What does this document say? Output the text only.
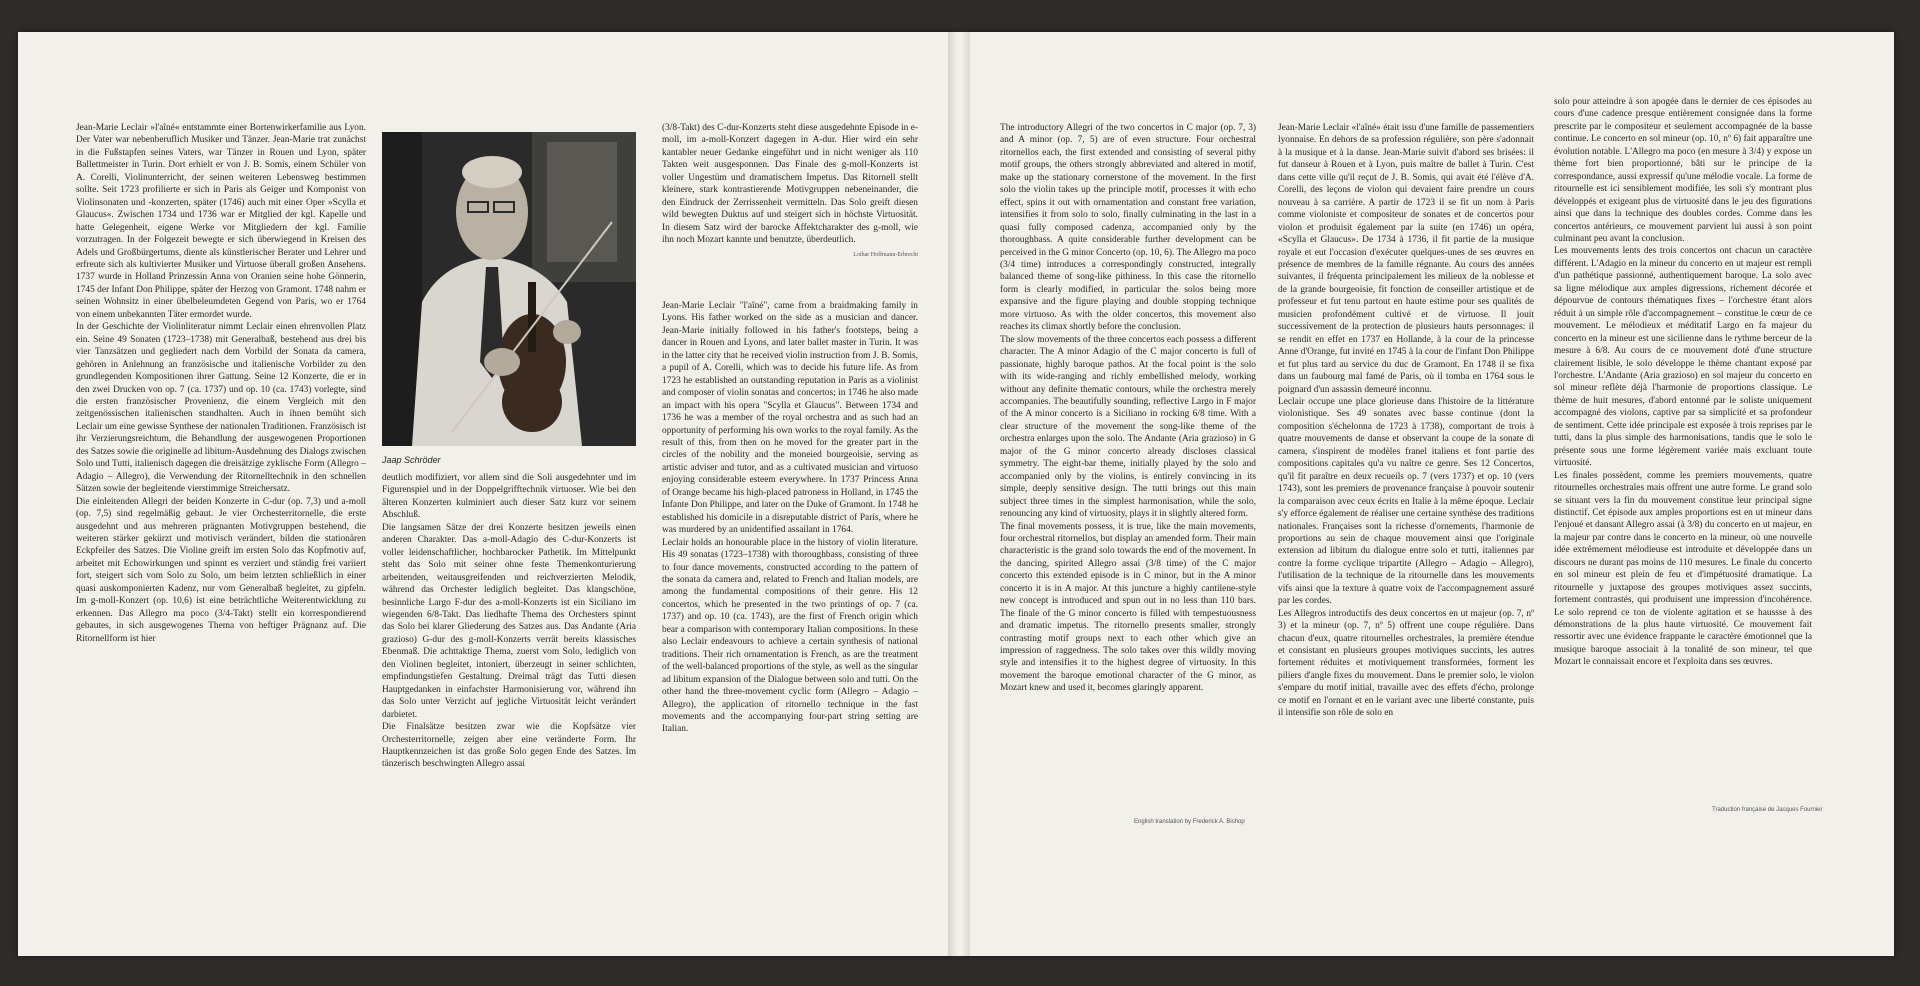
Jean-Marie Leclair »l'aîné« entstammte einer Bortenwirkerfamilie aus Lyon. Der Vater war nebenberuflich Musiker und Tänzer. Jean-Marie trat zunächst in die Fußstapfen seines Vaters, war Tänzer in Rouen und Lyon, später Ballettmeister in Turin. Dort erhielt er von J. B. Somis, einem Schüler von A. Corelli, Violinunterricht, der seinen weiteren Lebensweg bestimmen sollte. Seit 1723 profilierte er sich in Paris als Geiger und Komponist von Violinsonaten und -konzerten, später (1746) auch mit einer Oper »Scylla et Glaucus«. Zwischen 1734 und 1736 war er Mitglied der kgl. Kapelle und hatte Gelegenheit, eigene Werke vor Mitgliedern der kgl. Familie vorzutragen. In der Folgezeit bewegte er sich überwiegend in Kreisen des Adels und Großbürgertums, diente als künstlerischer Berater und Lehrer und erfreute sich als kultivierter Musiker und Virtuose überall großen Ansehens. 1737 wurde in Holland Prinzessin Anna von Oranien seine hohe Gönnerin, 1745 der Infant Don Philippe, später der Herzog von Gramont. 1748 nahm er seinen Wohnsitz in einer übelbeleumdeten Gegend von Paris, wo er 1764 von einem unbekannten Täter ermordet wurde.

In der Geschichte der Violinliteratur nimmt Leclair einen ehrenvollen Platz ein. Seine 49 Sonaten (1723–1738) mit Generalbaß, bestehend aus drei bis vier Tanzsätzen und gegliedert nach dem Vorbild der Sonata da camera, gehören in Anlehnung an französische und italienische Vorbilder zu den grundlegenden Kompositionen ihrer Gattung. Seine 12 Konzerte, die er in den zwei Drucken von op. 7 (ca. 1737) und op. 10 (ca. 1743) vorlegte, sind die ersten französischer Provenienz, die einem Vergleich mit den zeitgenössischen italienischen standhalten. Auch in ihnen bemüht sich Leclair um eine gewisse Synthese der nationalen Traditionen. Französisch ist ihr Verzierungsreichtum, die Behandlung der ausgewogenen Proportionen des Satzes sowie die originelle ad libitum-Ausdehnung des Dialogs zwischen Solo und Tutti, italienisch dagegen die dreisätzige zyklische Form (Allegro – Adagio – Allegro), die Verwendung der Ritornelltechnik in den schnellen Sätzen sowie der begleitende vierstimmige Streichersatz.

Die einleitenden Allegri der beiden Konzerte in C-dur (op. 7,3) und a-moll (op. 7,5) sind regelmäßig gebaut. Je vier Orchesterritornelle, die erste ausgedehnt und aus mehreren prägnanten Motivgruppen bestehend, die weiteren stärker gekürzt und motivisch verändert, bilden die stationären Eckpfeiler des Satzes. Die Violine greift im ersten Solo das Kopfmotiv auf, arbeitet mit Echowirkungen und spinnt es verziert und ständig frei variiert fort, steigert sich vom Solo zu Solo, um beim letzten schließlich in einer quasi auskomponierten Kadenz, nur vom Generalbaß begleitet, zu gipfeln. Im g-moll-Konzert (op. 10,6) ist eine beträchtliche Weiterentwicklung zu erkennen. Das Allegro ma poco (3/4-Takt) stellt ein korrespondierend gebautes, in sich ausgewogenes Thema von heftiger Prägnanz auf. Die Ritornellform ist hier

Jaap Schröder

deutlich modifiziert, vor allem sind die Soli ausgedehnter und im Figurenspiel und in der Doppelgrifftechnik virtuoser. Wie bei den älteren Konzerten kulminiert auch dieser Satz kurz vor seinem Abschluß.

Die langsamen Sätze der drei Konzerte besitzen jeweils einen anderen Charakter. Das a-moll-Adagio des C-dur-Konzerts ist voller leidenschaftlicher, hochbarocker Pathetik. Im Mittelpunkt steht das Solo mit seiner ohne feste Themenkonturierung arbeitenden, weitausgreifenden und reichverzierten Melodik, während das Orchester lediglich begleitet. Das klangschöne, besinnliche Largo F-dur des a-moll-Konzerts ist ein Siciliano im wiegenden 6/8-Takt. Das liedhafte Thema des Orchesters spinnt das Solo bei klarer Gliederung des Satzes aus. Das Andante (Aria grazioso) G-dur des g-moll-Konzerts verrät bereits klassisches Ebenmaß. Die achttaktige Thema, zuerst vom Solo, lediglich von den Violinen begleitet, intoniert, überzeugt in seiner schlichten, empfindungstiefen Gestaltung. Dreimal trägt das Tutti diesen Hauptgedanken in einfachster Harmonisierung vor, während ihn das Solo unter Verzicht auf jegliche Virtuosität leicht verändert darbietet.

Die Finalsätze besitzen zwar wie die Kopfsätze vier Orchesterritornelle, zeigen aber eine veränderte Form. Ihr Hauptkennzeichen ist das große Solo gegen Ende des Satzes. Im tänzerisch beschwingten Allegro assai

(3/8-Takt) des C-dur-Konzerts steht diese ausgedehnte Episode in e-moll, im a-moll-Konzert dagegen in A-dur. Hier wird ein sehr kantabler neuer Gedanke eingeführt und in nicht weniger als 110 Takten weit ausgesponnen. Das Finale des g-moll-Konzerts ist voller Ungestüm und dramatischem Impetus. Das Ritornell stellt kleinere, stark kontrastierende Motivgruppen nebeneinander, die den Eindruck der Zerrissenheit vermitteln. Das Solo greift diesen wild bewegten Duktus auf und steigert sich in höchste Virtuosität. In diesem Satz wird der barocke Affektcharakter des g-moll, wie ihn noch Mozart kannte und benutzte, überdeutlich.

Lothar Hoffmann-Erbrecht

Jean-Marie Leclair "l'aîné", came from a braidmaking family in Lyons. His father worked on the side as a musician and dancer. Jean-Marie initially followed in his father's footsteps, being a dancer in Rouen and Lyons, and later ballet master in Turin. It was in the latter city that he received violin instruction from J. B. Somis, a pupil of A. Corelli, which was to decide his future life. As from 1723 he established an outstanding reputation in Paris as a violinist and composer of violin sonatas and concertos; in 1746 he also made an impact with his opera "Scylla et Glaucus". Between 1734 and 1736 he was a member of the royal orchestra and as such had an opportunity of performing his own works to the royal family. As the result of this, from then on he moved for the greater part in the circles of the nobility and the moneied bourgeoisie, serving as artistic adviser and tutor, and as a cultivated musician and virtuoso enjoying considerable esteem everywhere. In 1737 Princess Anna of Orange became his high-placed patroness in Holland, in 1745 the Infante Don Philippe, and later on the Duke of Gramont. In 1748 he established his domicile in a disreputable district of Paris, where he was murdered by an unidentified assailant in 1764.

Leclair holds an honourable place in the history of violin literature. His 49 sonatas (1723–1738) with thoroughbass, consisting of three to four dance movements, constructed according to the pattern of the sonata da camera and, related to French and Italian models, are among the fundamental compositions of their genre. His 12 concertos, which he presented in the two printings of op. 7 (ca. 1737) and op. 10 (ca. 1743), are the first of French origin which bear a comparison with contemporary Italian compositions. In these also Leclair endeavours to achieve a certain synthesis of national traditions. Their rich ornamentation is French, as are the treatment of the well-balanced proportions of the style, as well as the singular ad libitum expansion of the Dialogue between solo and tutti. On the other hand the three-movement cyclic form (Allegro – Adagio – Allegro), the application of ritornello technique in the fast movements and the accompanying four-part string setting are Italian.

The introductory Allegri of the two concertos in C major (op. 7, 3) and A minor (op. 7, 5) are of even structure. Four orchestral ritornellos each, the first extended and consisting of several pithy motif groups, the others strongly abbreviated and altered in motif, make up the stationary cornerstone of the movement. In the first solo the violin takes up the principle motif, processes it with echo effect, spins it out with ornamentation and constant free variation, intensifies it from solo to solo, finally culminating in the last in a quasi fully composed cadenza, accompanied only by the thoroughbass. A quite considerable further development can be perceived in the G minor Concerto (op. 10, 6). The Allegro ma poco (3/4 time) introduces a correspondingly constructed, integrally balanced theme of song-like pithiness. In this case the ritornello form is clearly modified, in particular the solos being more expansive and the figure playing and double stopping technique more virtuoso. As with the older concertos, this movement also reaches its climax shortly before the conclusion.

The slow movements of the three concertos each possess a different character. The A minor Adagio of the C major concerto is full of passionate, highly baroque pathos. At the focal point is the solo with its wide-ranging and richly embellished melody, working without any definite thematic contours, while the orchestra merely accompanies. The beautifully sounding, reflective Largo in F major of the A minor concerto is a Siciliano in rocking 6/8 time. With a clear structure of the movement the song-like theme of the orchestra enlarges upon the solo. The Andante (Aria grazioso) in G major of the G minor concerto already discloses classical symmetry. The eight-bar theme, initially played by the solo and accompanied only by the violins, is entirely convincing in its simple, deeply sensitive design. The tutti brings out this main subject three times in the simplest harmonisation, while the solo, renouncing any kind of virtuosity, plays it in slightly altered form.

The final movements possess, it is true, like the main movements, four orchestral ritornellos, but display an amended form. Their main characteristic is the grand solo towards the end of the movement. In the dancing, spirited Allegro assai (3/8 time) of the C major concerto this extended episode is in C minor, but in the A minor concerto it is in A major. At this juncture a highly cantilene-style new concept is introduced and spun out in no less than 110 bars. The finale of the G minor concerto is filled with tempestuousness and dramatic impetus. The ritornello presents smaller, strongly contrasting motif groups next to each other which give an impression of raggedness. The solo takes over this wildly moving style and intensifies it to the highest degree of virtuosity. In this movement the baroque emotional character of the G minor, as Mozart knew and used it, becomes glaringly apparent.

English translation by Frederick A. Bishop

Jean-Marie Leclair «l'aîné» était issu d'une famille de passementiers lyonnaise. En dehors de sa profession régulière, son père s'adonnait à la musique et à la danse. Jean-Marie suivit d'abord ses brisées: il fut danseur à Rouen et à Lyon, puis maître de ballet à Turin. C'est dans cette ville qu'il reçut de J. B. Somis, qui avait été l'élève d'A. Corelli, des leçons de violon qui devaient faire prendre un cours nouveau à sa carrière. A partir de 1723 il se fit un nom à Paris comme violoniste et compositeur de sonates et de concertos pour violon et produisit également par la suite (en 1746) un opéra, «Scylla et Glaucus». De 1734 à 1736, il fit partie de la musique royale et eut l'occasion d'exécuter quelques-unes de ses œuvres en présence de membres de la famille régnante. Au cours des années suivantes, il fréquenta principalement les milieux de la noblesse et de la grande bourgeoisie, fit fonction de conseiller artistique et de professeur et fut tenu partout en haute estime pour ses qualités de musicien profondément cultivé et de virtuose. Il jouit successivement de la protection de plusieurs hauts personnages: il se rendit en effet en 1737 en Hollande, à la cour de la princesse Anne d'Orange, fut invité en 1745 à la cour de l'infant Don Philippe et fut plus tard au service du duc de Gramont. En 1748 il se fixa dans un faubourg mal famé de Paris, où il tomba en 1764 sous le poignard d'un assassin demeuré inconnu.

Leclair occupe une place glorieuse dans l'histoire de la littérature violonistique. Ses 49 sonates avec basse continue (dont la composition s'échelonna de 1723 à 1738), comportant de trois à quatre mouvements de danse et observant la coupe de la sonate di camera, s'inspirent de modèles franel italiens et font partie des compositions capitales qu'a vu naître ce genre. Ses 12 Concertos, qu'il fit paraître en deux recueils op. 7 (vers 1737) et op. 10 (vers 1743), sont les premiers de provenance française à pouvoir soutenir la comparaison avec ceux écrits en Italie à la même époque. Leclair s'y efforce également de réaliser une certaine synthèse des traditions nationales. Françaises sont la richesse d'ornements, l'harmonie de proportions au sein de chaque mouvement ainsi que l'originale extension ad libitum du dialogue entre solo et tutti, italiennes par contre la forme cyclique tripartite (Allegro – Adagio – Allegro), l'utilisation de la technique de la ritournelle dans les mouvements vifs ainsi que la texture à quatre voix de l'accompagnement assuré par les cordes.

Les Allegros introductifs des deux concertos en ut majeur (op. 7, nº 3) et la mineur (op. 7, nº 5) offrent une coupe régulière. Dans chacun d'eux, quatre ritournelles orchestrales, la première étendue et consistant en plusieurs groupes motiviques succints, les autres fortement réduites et motiviquement transformées, forment les piliers d'angle fixes du mouvement. Dans le premier solo, le violon s'empare du motif initial, travaille avec des effets d'écho, prolonge ce motif en l'ornant et en le variant avec une liberté constante, puis il intensifie son rôle de solo en

solo pour atteindre à son apogée dans le dernier de ces épisodes au cours d'une cadence presque entièrement consignée dans la forme prescrite par le compositeur et seulement accompagnée de la basse continue. Le concerto en sol mineur (op. 10, nº 6) fait apparaître une évolution notable. L'Allegro ma poco (en mesure à 3/4) y expose un thème fort bien proportionné, bâti sur le principe de la correspondance, aussi expressif qu'une mélodie vocale. La forme de ritournelle est ici sensiblement modifiée, les soli s'y montrant plus développés et exigeant plus de virtuosité dans le jeu des figurations ainsi que dans la technique des doubles cordes. Comme dans les concertos antérieurs, ce mouvement parvient lui aussi à son point culminant peu avant la conclusion.

Les mouvements lents des trois concertos ont chacun un caractère différent. L'Adagio en la mineur du concerto en ut majeur est rempli d'un pathétique passionné, authentiquement baroque. La solo avec sa ligne mélodique aux amples digressions, richement décorée et dépourvue de contours thématiques fixes – l'orchestre étant alors réduit à un simple rôle d'accompagnement – constitue le cœur de ce mouvement. Le mélodieux et méditatif Largo en fa majeur du concerto en la mineur est une sicilienne dans le rythme berceur de la mesure à 6/8. Au cours de ce mouvement doté d'une structure clairement lisible, le solo développe le thème chantant exposé par l'orchestre. L'Andante (Aria grazioso) en sol majeur du concerto en sol mineur reflète déjà l'harmonie de proportions classique. Le thème de huit mesures, d'abord entonné par le soliste uniquement accompagné des violons, captive par sa simplicité et sa profondeur de sentiment. Cette idée principale est exposée à trois reprises par le tutti, dans la plus simple des harmonisations, tandis que le solo le présente sous une forme légèrement variée mais excluant toute virtuosité.

Les finales possèdent, comme les premiers mouvements, quatre ritournelles orchestrales mais offrent une autre forme. Le grand solo se situant vers la fin du mouvement constitue leur principal signe distinctif. Cet épisode aux amples proportions est en ut mineur dans l'enjoué et dansant Allegro assai (à 3/8) du concerto en ut majeur, en la majeur par contre dans le concerto en la mineur, où une nouvelle idée extrêmement mélodieuse est introduite et développée dans un discours ne durant pas moins de 110 mesures. Le finale du concerto en sol mineur est plein de feu et d'impétuosité dramatique. La ritournelle y juxtapose des groupes motiviques assez succints, fortement contrastés, qui produisent une impression d'incohérence. Le solo reprend ce ton de violente agitation et se haussse à des démonstrations de la plus haute virtuosité. Ce mouvement fait ressortir avec une évidence frappante le caractère émotionnel que la musique baroque associait à la tonalité de son mineur, tel que Mozart le connaissait encore et l'exploita dans ses œuvres.

Traduction française de Jacques Fournier
